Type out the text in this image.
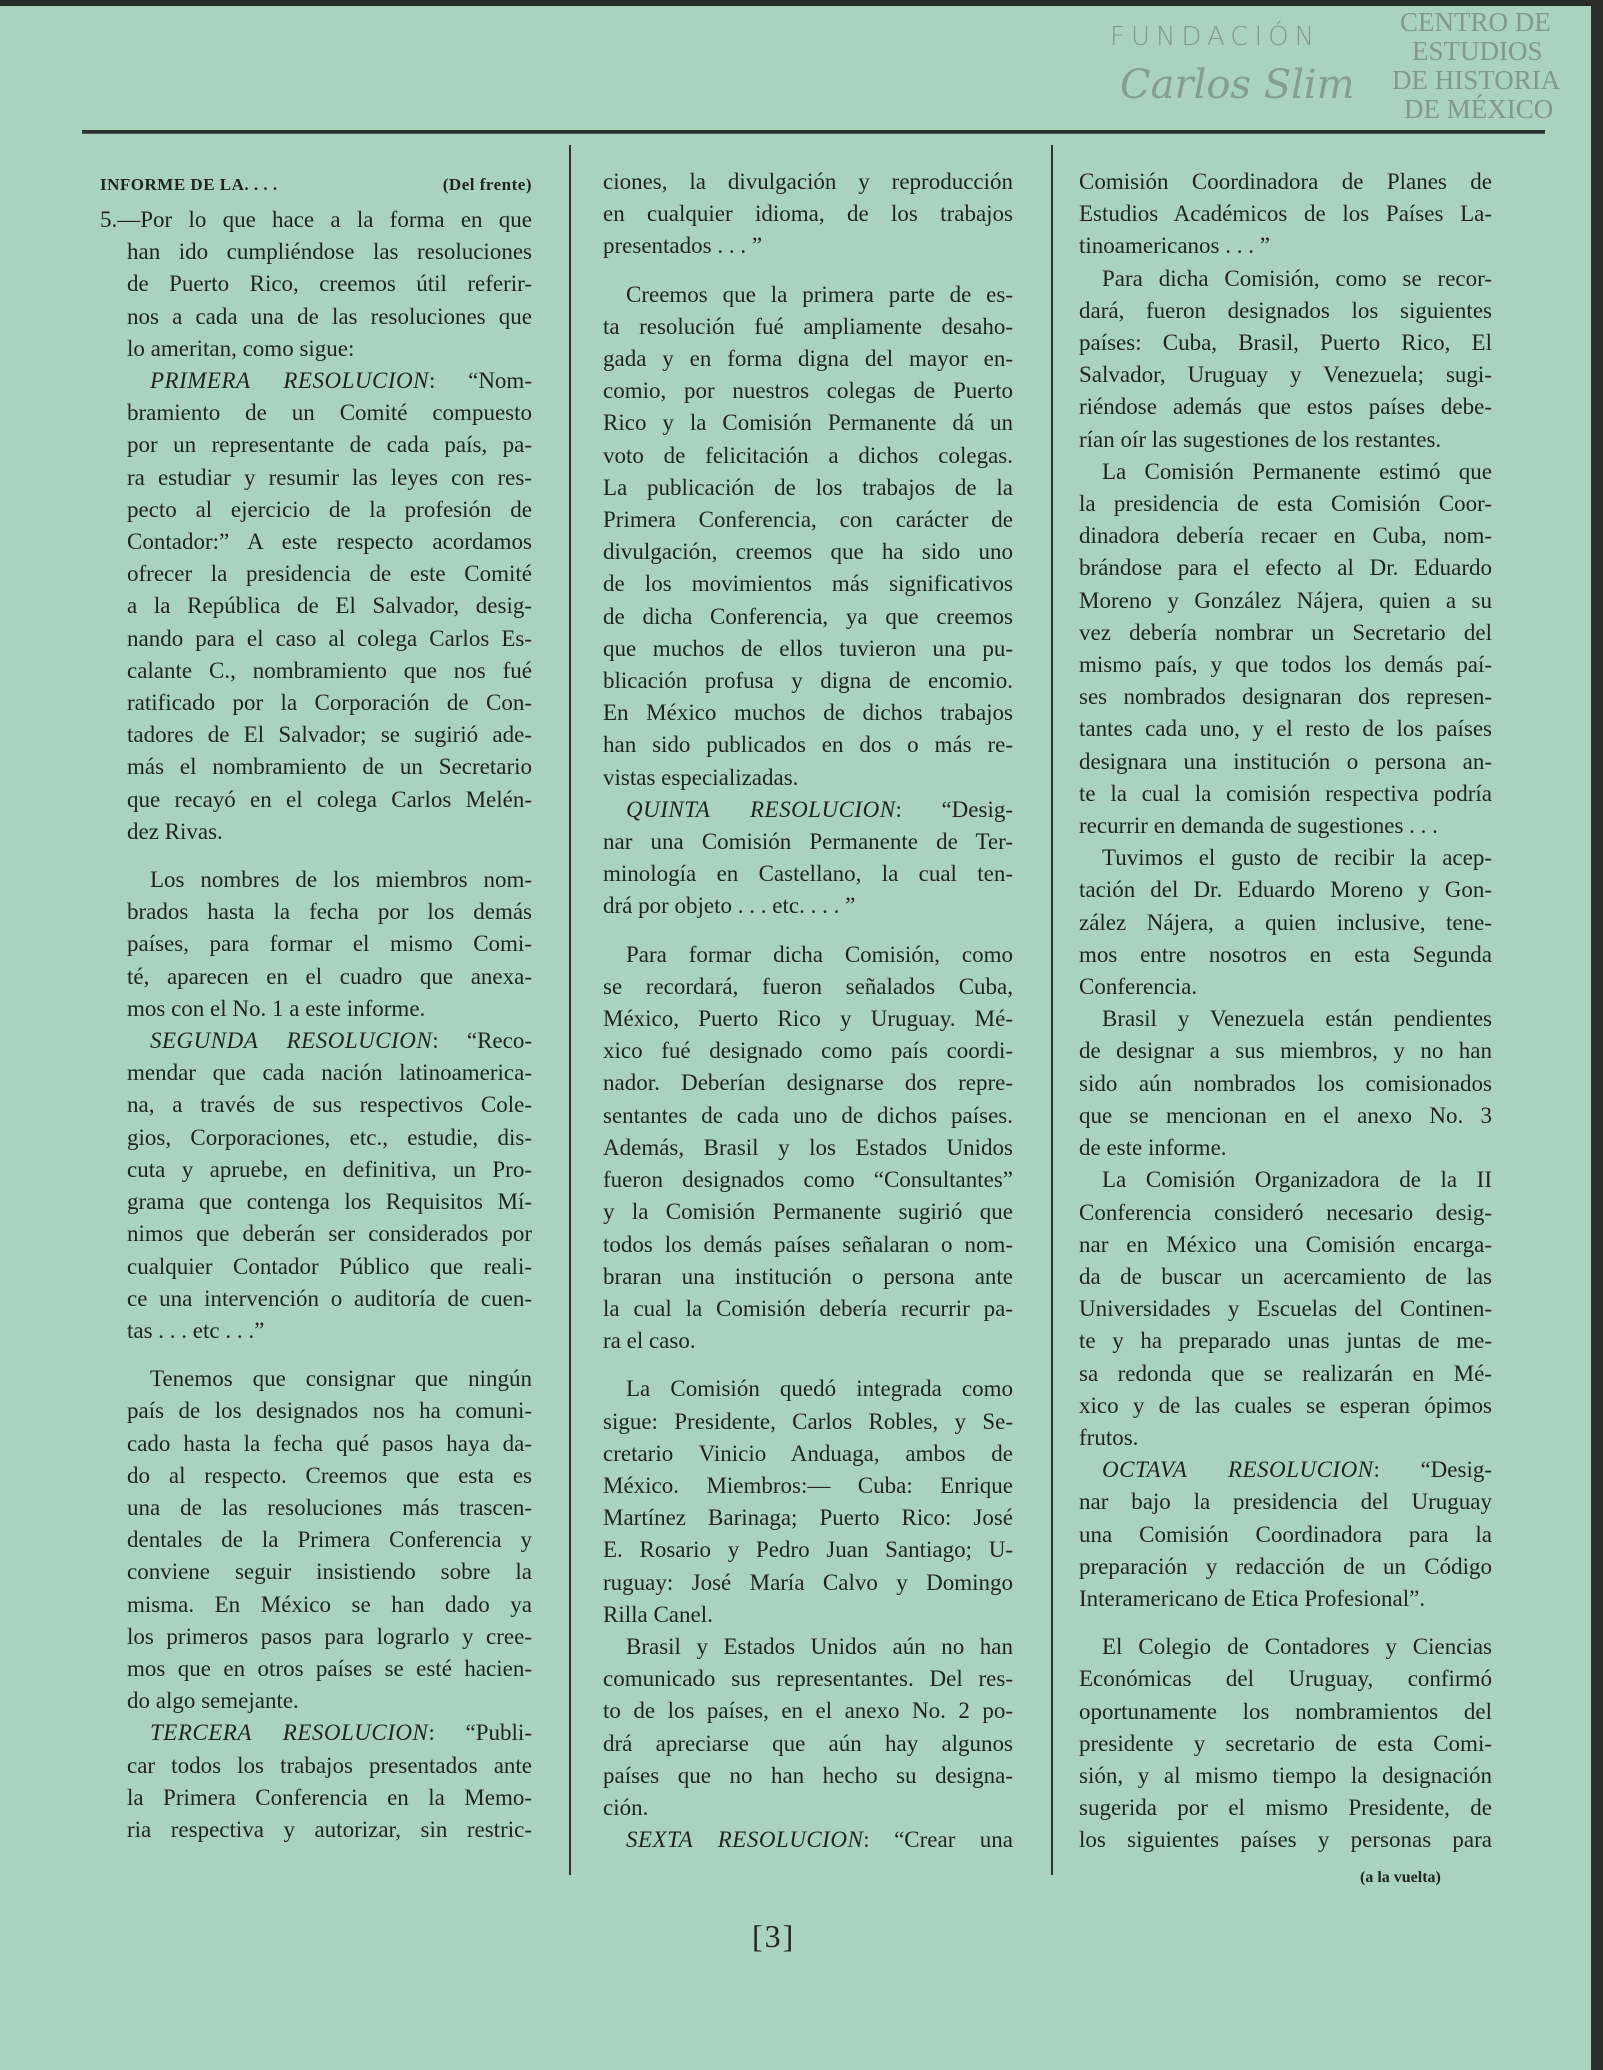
CENTRO DE
ESTUDIOS
DE HISTORIA
DE MÉXICO
FUNDACIÓN
Carlos Slim
INFORME DE LA. . . .	(Del frente)
5.—Por lo que hace a la forma en que
han ido cumpliéndose las resoluciones
de Puerto Rico, creemos útil referir-
nos a cada una de las resoluciones que
lo ameritan, como sigue:
PRIMERA RESOLUCION: “Nom-
bramiento de un Comité compuesto
por un representante de cada país, pa-
ra estudiar y resumir las leyes con res-
pecto al ejercicio de la profesión de
Contador:” A este respecto acordamos
ofrecer la presidencia de este Comité
a la República de El Salvador, desig-
nando para el caso al colega Carlos Es-
calante C., nombramiento que nos fué
ratificado por la Corporación de Con-
tadores de El Salvador; se sugirió ade-
más el nombramiento de un Secretario
que recayó en el colega Carlos Melén-
dez Rivas.
Los nombres de los miembros nom-
brados hasta la fecha por los demás
países, para formar el mismo Comi-
té, aparecen en el cuadro que anexa-
mos con el No. 1 a este informe.
SEGUNDA RESOLUCION: “Reco-
mendar que cada nación latinoamerica-
na, a través de sus respectivos Cole-
gios, Corporaciones, etc., estudie, dis-
cuta y apruebe, en definitiva, un Pro-
grama que contenga los Requisitos Mí-
nimos que deberán ser considerados por
cualquier Contador Público que reali-
ce una intervención o auditoría de cuen-
tas . . . etc . . .”
Tenemos que consignar que ningún
país de los designados nos ha comuni-
cado hasta la fecha qué pasos haya da-
do al respecto. Creemos que esta es
una de las resoluciones más trascen-
dentales de la Primera Conferencia y
conviene seguir insistiendo sobre la
misma. En México se han dado ya
los primeros pasos para lograrlo y cree-
mos que en otros países se esté hacien-
do algo semejante.
TERCERA RESOLUCION: “Publi-
car todos los trabajos presentados ante
la Primera Conferencia en la Memo-
ria respectiva y autorizar, sin restric-
ciones, la divulgación y reproducción
en cualquier idioma, de los trabajos
presentados . . . ”
Creemos que la primera parte de es-
ta resolución fué ampliamente desaho-
gada y en forma digna del mayor en-
comio, por nuestros colegas de Puerto
Rico y la Comisión Permanente dá un
voto de felicitación a dichos colegas.
La publicación de los trabajos de la
Primera Conferencia, con carácter de
divulgación, creemos que ha sido uno
de los movimientos más significativos
de dicha Conferencia, ya que creemos
que muchos de ellos tuvieron una pu-
blicación profusa y digna de encomio.
En México muchos de dichos trabajos
han sido publicados en dos o más re-
vistas especializadas.
QUINTA RESOLUCION: “Desig-
nar una Comisión Permanente de Ter-
minología en Castellano, la cual ten-
drá por objeto . . . etc. . . . ”
Para formar dicha Comisión, como
se recordará, fueron señalados Cuba,
México, Puerto Rico y Uruguay. Mé-
xico fué designado como país coordi-
nador. Deberían designarse dos repre-
sentantes de cada uno de dichos países.
Además, Brasil y los Estados Unidos
fueron designados como “Consultantes”
y la Comisión Permanente sugirió que
todos los demás países señalaran o nom-
braran una institución o persona ante
la cual la Comisión debería recurrir pa-
ra el caso.
La Comisión quedó integrada como
sigue: Presidente, Carlos Robles, y Se-
cretario Vinicio Anduaga, ambos de
México. Miembros:— Cuba: Enrique
Martínez Barinaga; Puerto Rico: José
E. Rosario y Pedro Juan Santiago; U-
ruguay: José María Calvo y Domingo
Rilla Canel.
Brasil y Estados Unidos aún no han
comunicado sus representantes. Del res-
to de los países, en el anexo No. 2 po-
drá apreciarse que aún hay algunos
países que no han hecho su designa-
ción.
SEXTA RESOLUCION: “Crear una
Comisión Coordinadora de Planes de
Estudios Académicos de los Países La-
tinoamericanos . . . ”
Para dicha Comisión, como se recor-
dará, fueron designados los siguientes
países: Cuba, Brasil, Puerto Rico, El
Salvador, Uruguay y Venezuela; sugi-
riéndose además que estos países debe-
rían oír las sugestiones de los restantes.
La Comisión Permanente estimó que
la presidencia de esta Comisión Coor-
dinadora debería recaer en Cuba, nom-
brándose para el efecto al Dr. Eduardo
Moreno y González Nájera, quien a su
vez debería nombrar un Secretario del
mismo país, y que todos los demás paí-
ses nombrados designaran dos represen-
tantes cada uno, y el resto de los países
designara una institución o persona an-
te la cual la comisión respectiva podría
recurrir en demanda de sugestiones . . .
Tuvimos el gusto de recibir la acep-
tación del Dr. Eduardo Moreno y Gon-
zález Nájera, a quien inclusive, tene-
mos entre nosotros en esta Segunda
Conferencia.
Brasil y Venezuela están pendientes
de designar a sus miembros, y no han
sido aún nombrados los comisionados
que se mencionan en el anexo No. 3
de este informe.
La Comisión Organizadora de la II
Conferencia consideró necesario desig-
nar en México una Comisión encarga-
da de buscar un acercamiento de las
Universidades y Escuelas del Continen-
te y ha preparado unas juntas de me-
sa redonda que se realizarán en Mé-
xico y de las cuales se esperan ópimos
frutos.
OCTAVA RESOLUCION: “Desig-
nar bajo la presidencia del Uruguay
una Comisión Coordinadora para la
preparación y redacción de un Código
Interamericano de Etica Profesional”.
El Colegio de Contadores y Ciencias
Económicas del Uruguay, confirmó
oportunamente los nombramientos del
presidente y secretario de esta Comi-
sión, y al mismo tiempo la designación
sugerida por el mismo Presidente, de
los siguientes países y personas para
(a la vuelta)
[3]
